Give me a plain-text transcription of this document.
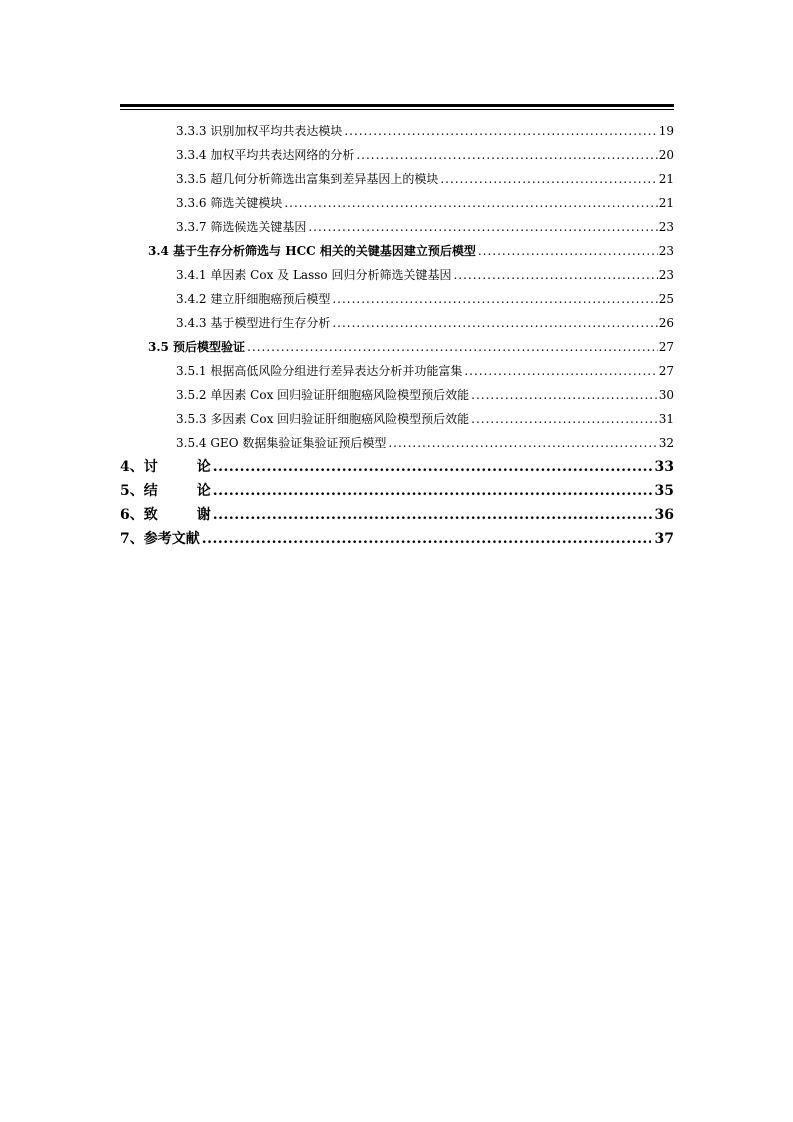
3.3.3 识别加权平均共表达模块 .....	19
3.3.4 加权平均共表达网络的分析 .....	20
3.3.5 超几何分析筛选出富集到差异基因上的模块 .....	21
3.3.6 筛选关键模块 .....	21
3.3.7 筛选候选关键基因 .....	23
3.4 基于生存分析筛选与 HCC 相关的关键基因建立预后模型 .....	23
3.4.1 单因素 Cox 及 Lasso 回归分析筛选关键基因 .....	23
3.4.2 建立肝细胞癌预后模型 .....	25
3.4.3 基于模型进行生存分析 .....	26
3.5 预后模型验证 .....	27
3.5.1 根据高低风险分组进行差异表达分析并功能富集 .....	27
3.5.2 单因素 Cox 回归验证肝细胞癌风险模型预后效能 .....	30
3.5.3 多因素 Cox 回归验证肝细胞癌风险模型预后效能 .....	31
3.5.4 GEO 数据集验证集验证预后模型 .....	32
4、讨        论 .....	33
5、结        论 .....	35
6、致        谢 .....	36
7、参考文献 .....	37
